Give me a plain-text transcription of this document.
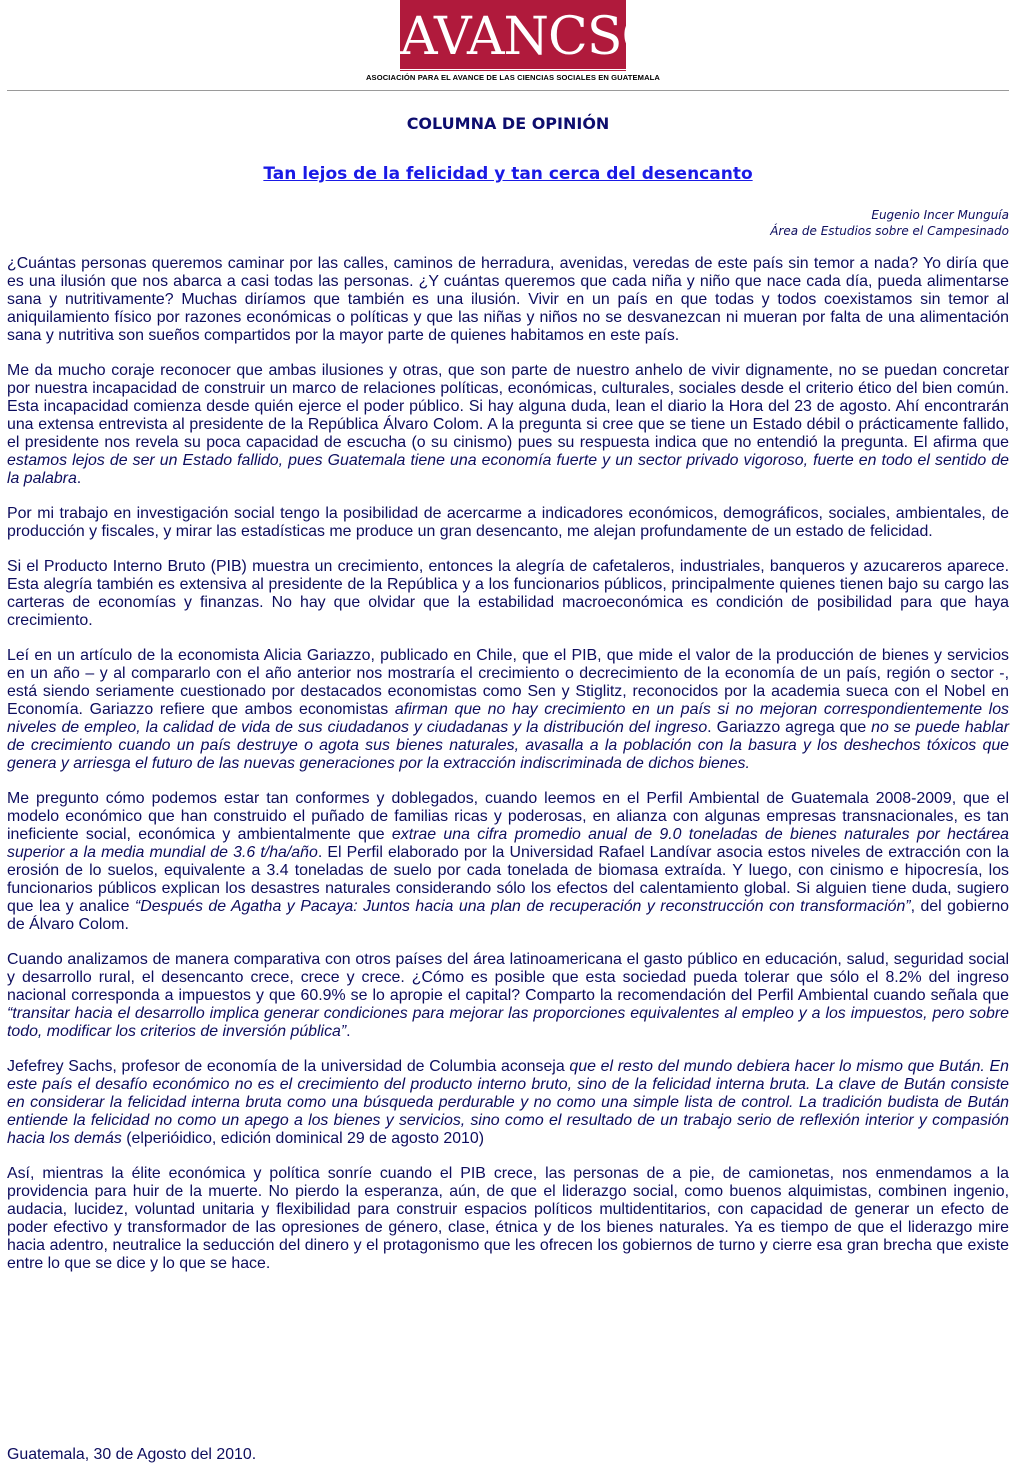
AVANCSO
ASOCIACIÓN PARA EL AVANCE DE LAS CIENCIAS SOCIALES EN GUATEMALA
COLUMNA DE OPINIÓN
Tan lejos de la felicidad y tan cerca del desencanto
Eugenio Incer Munguía
Área de Estudios sobre el Campesinado

¿Cuántas personas queremos caminar por las calles, caminos de herradura, avenidas, veredas de este país sin temor a nada? Yo diría que es una ilusión que nos abarca a casi todas las personas. ¿Y cuántas queremos que cada niña y niño que nace cada día, pueda alimentarse sana y nutritivamente? Muchas diríamos que también es una ilusión. Vivir en un país en que todas y todos coexistamos sin temor al aniquilamiento físico por razones económicas o políticas y que las niñas y niños no se desvanezcan ni mueran por falta de una alimentación sana y nutritiva son sueños compartidos por la mayor parte de quienes habitamos en este país.

Me da mucho coraje reconocer que ambas ilusiones y otras, que son parte de nuestro anhelo de vivir dignamente, no se puedan concretar por nuestra incapacidad de construir un marco de relaciones políticas, económicas, culturales, sociales desde el criterio ético del bien común. Esta incapacidad comienza desde quién ejerce el poder público. Si hay alguna duda, lean el diario la Hora del 23 de agosto. Ahí encontrarán una extensa entrevista al presidente de la República Álvaro Colom. A la pregunta si cree que se tiene un Estado débil o prácticamente fallido, el presidente nos revela su poca capacidad de escucha (o su cinismo) pues su respuesta indica que no entendió la pregunta. El afirma que estamos lejos de ser un Estado fallido, pues Guatemala tiene una economía fuerte y un sector privado vigoroso, fuerte en todo el sentido de la palabra.

Por mi trabajo en investigación social tengo la posibilidad de acercarme a indicadores económicos, demográficos, sociales, ambientales, de producción y fiscales, y mirar las estadísticas me produce un gran desencanto, me alejan profundamente de un estado de felicidad.

Si el Producto Interno Bruto (PIB) muestra un crecimiento, entonces la alegría de cafetaleros, industriales, banqueros y azucareros aparece. Esta alegría también es extensiva al presidente de la República y a los funcionarios públicos, principalmente quienes tienen bajo su cargo las carteras de economías y finanzas. No hay que olvidar que la estabilidad macroeconómica es condición de posibilidad para que haya crecimiento.

Leí en un artículo de la economista Alicia Gariazzo, publicado en Chile, que el PIB, que mide el valor de la producción de bienes y servicios en un año – y al compararlo con el año anterior nos mostraría el crecimiento o decrecimiento de la economía de un país, región o sector -, está siendo seriamente cuestionado por destacados economistas como Sen y Stiglitz, reconocidos por la academia sueca con el Nobel en Economía. Gariazzo refiere que ambos economistas afirman que no hay crecimiento en un país si no mejoran correspondientemente los niveles de empleo, la calidad de vida de sus ciudadanos y ciudadanas y la distribución del ingreso. Gariazzo agrega que no se puede hablar de crecimiento cuando un país destruye o agota sus bienes naturales, avasalla a la población con la basura y los deshechos tóxicos que genera y arriesga el futuro de las nuevas generaciones por la extracción indiscriminada de dichos bienes.

Me pregunto cómo podemos estar tan conformes y doblegados, cuando leemos en el Perfil Ambiental de Guatemala 2008-2009, que el modelo económico que han construido el puñado de familias ricas y poderosas, en alianza con algunas empresas transnacionales, es tan ineficiente social, económica y ambientalmente que extrae una cifra promedio anual de 9.0 toneladas de bienes naturales por hectárea superior a la media mundial de 3.6 t/ha/año. El Perfil elaborado por la Universidad Rafael Landívar asocia estos niveles de extracción con la erosión de lo suelos, equivalente a 3.4 toneladas de suelo por cada tonelada de biomasa extraída. Y luego, con cinismo e hipocresía, los funcionarios públicos explican los desastres naturales considerando sólo los efectos del calentamiento global. Si alguien tiene duda, sugiero que lea y analice “Después de Agatha y Pacaya: Juntos hacia una plan de recuperación y reconstrucción con transformación”, del gobierno de Álvaro Colom.

Cuando analizamos de manera comparativa con otros países del área latinoamericana el gasto público en educación, salud, seguridad social y desarrollo rural, el desencanto crece, crece y crece. ¿Cómo es posible que esta sociedad pueda tolerar que sólo el 8.2% del ingreso nacional corresponda a impuestos y que 60.9% se lo apropie el capital? Comparto la recomendación del Perfil Ambiental cuando señala que “transitar hacia el desarrollo implica generar condiciones para mejorar las proporciones equivalentes al empleo y a los impuestos, pero sobre todo, modificar los criterios de inversión pública”.

Jefefrey Sachs, profesor de economía de la universidad de Columbia aconseja que el resto del mundo debiera hacer lo mismo que Bután. En este país el desafío económico no es el crecimiento del producto interno bruto, sino de la felicidad interna bruta. La clave de Bután consiste en considerar la felicidad interna bruta como una búsqueda perdurable y no como una simple lista de control. La tradición budista de Bután entiende la felicidad no como un apego a los bienes y servicios, sino como el resultado de un trabajo serio de reflexión interior y compasión hacia los demás (elperióidico, edición dominical 29 de agosto 2010)

Así, mientras la élite económica y política sonríe cuando el PIB crece, las personas de a pie, de camionetas, nos enmendamos a la providencia para huir de la muerte. No pierdo la esperanza, aún, de que el liderazgo social, como buenos alquimistas, combinen ingenio, audacia, lucidez, voluntad unitaria y flexibilidad para construir espacios políticos multidentitarios, con capacidad de generar un efecto de poder efectivo y transformador de las opresiones de género, clase, étnica y de los bienes naturales. Ya es tiempo de que el liderazgo mire hacia adentro, neutralice la seducción del dinero y el protagonismo que les ofrecen los gobiernos de turno y cierre esa gran brecha que existe entre lo que se dice y lo que se hace.

Guatemala, 30 de Agosto del 2010.
